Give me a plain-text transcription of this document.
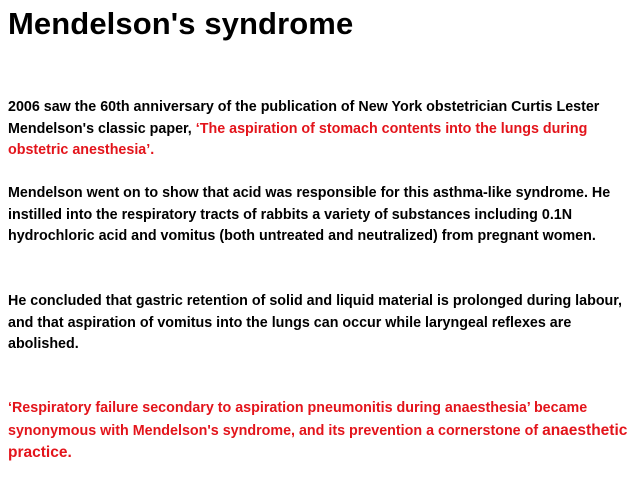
Mendelson's syndrome
2006 saw the 60th anniversary of the publication of New York obstetrician Curtis Lester Mendelson's classic paper, ‘The aspiration of stomach contents into the lungs during obstetric anesthesia’.
Mendelson went on to show that acid was responsible for this asthma-like syndrome. He instilled into the respiratory tracts of rabbits a variety of substances including 0.1N hydrochloric acid and vomitus (both untreated and neutralized) from pregnant women.
He concluded that gastric retention of solid and liquid material is prolonged during labour, and that aspiration of vomitus into the lungs can occur while laryngeal reflexes are abolished.
‘Respiratory failure secondary to aspiration pneumonitis during anaesthesia’ became synonymous with Mendelson's syndrome, and its prevention a cornerstone of anaesthetic practice.
